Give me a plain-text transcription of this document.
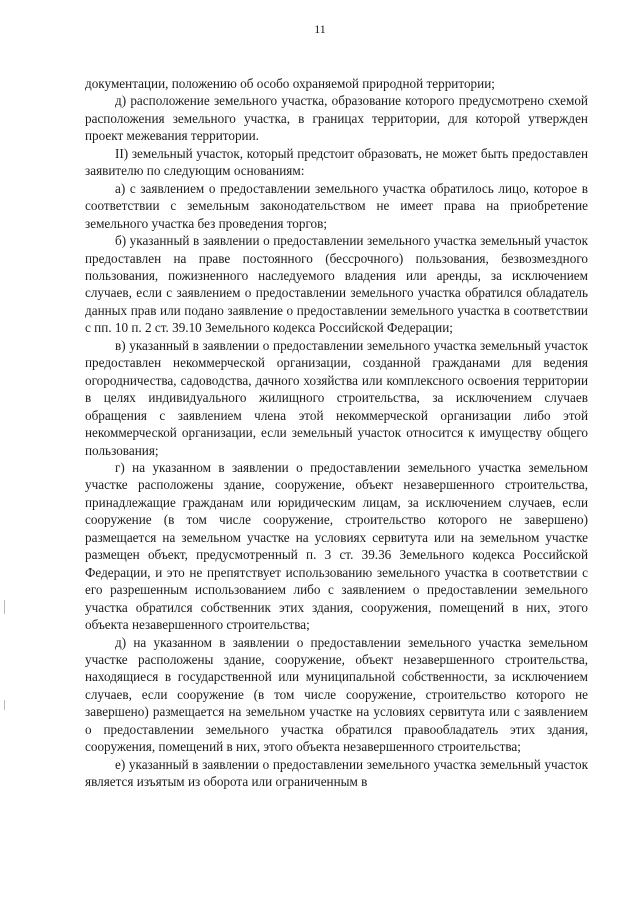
11

документации, положению об особо охраняемой природной территории;

д) расположение земельного участка, образование которого предусмотрено схемой расположения земельного участка, в границах территории, для которой утвержден проект межевания территории.

II) земельный участок, который предстоит образовать, не может быть предоставлен заявителю по следующим основаниям:

а) с заявлением о предоставлении земельного участка обратилось лицо, которое в соответствии с земельным законодательством не имеет права на приобретение земельного участка без проведения торгов;

б) указанный в заявлении о предоставлении земельного участка земельный участок предоставлен на праве постоянного (бессрочного) пользования, безвозмездного пользования, пожизненного наследуемого владения или аренды, за исключением случаев, если с заявлением о предоставлении земельного участка обратился обладатель данных прав или подано заявление о предоставлении земельного участка в соответствии с пп. 10 п. 2 ст. 39.10 Земельного кодекса Российской Федерации;

в) указанный в заявлении о предоставлении земельного участка земельный участок предоставлен некоммерческой организации, созданной гражданами для ведения огородничества, садоводства, дачного хозяйства или комплексного освоения территории в целях индивидуального жилищного строительства, за исключением случаев обращения с заявлением члена этой некоммерческой организации либо этой некоммерческой организации, если земельный участок относится к имуществу общего пользования;

г) на указанном в заявлении о предоставлении земельного участка земельном участке расположены здание, сооружение, объект незавершенного строительства, принадлежащие гражданам или юридическим лицам, за исключением случаев, если сооружение (в том числе сооружение, строительство которого не завершено) размещается на земельном участке на условиях сервитута или на земельном участке размещен объект, предусмотренный п. 3 ст. 39.36 Земельного кодекса Российской Федерации, и это не препятствует использованию земельного участка в соответствии с его разрешенным использованием либо с заявлением о предоставлении земельного участка обратился собственник этих здания, сооружения, помещений в них, этого объекта незавершенного строительства;

д) на указанном в заявлении о предоставлении земельного участка земельном участке расположены здание, сооружение, объект незавершенного строительства, находящиеся в государственной или муниципальной собственности, за исключением случаев, если сооружение (в том числе сооружение, строительство которого не завершено) размещается на земельном участке на условиях сервитута или с заявлением о предоставлении земельного участка обратился правообладатель этих здания, сооружения, помещений в них, этого объекта незавершенного строительства;

е) указанный в заявлении о предоставлении земельного участка земельный участок является изъятым из оборота или ограниченным в
